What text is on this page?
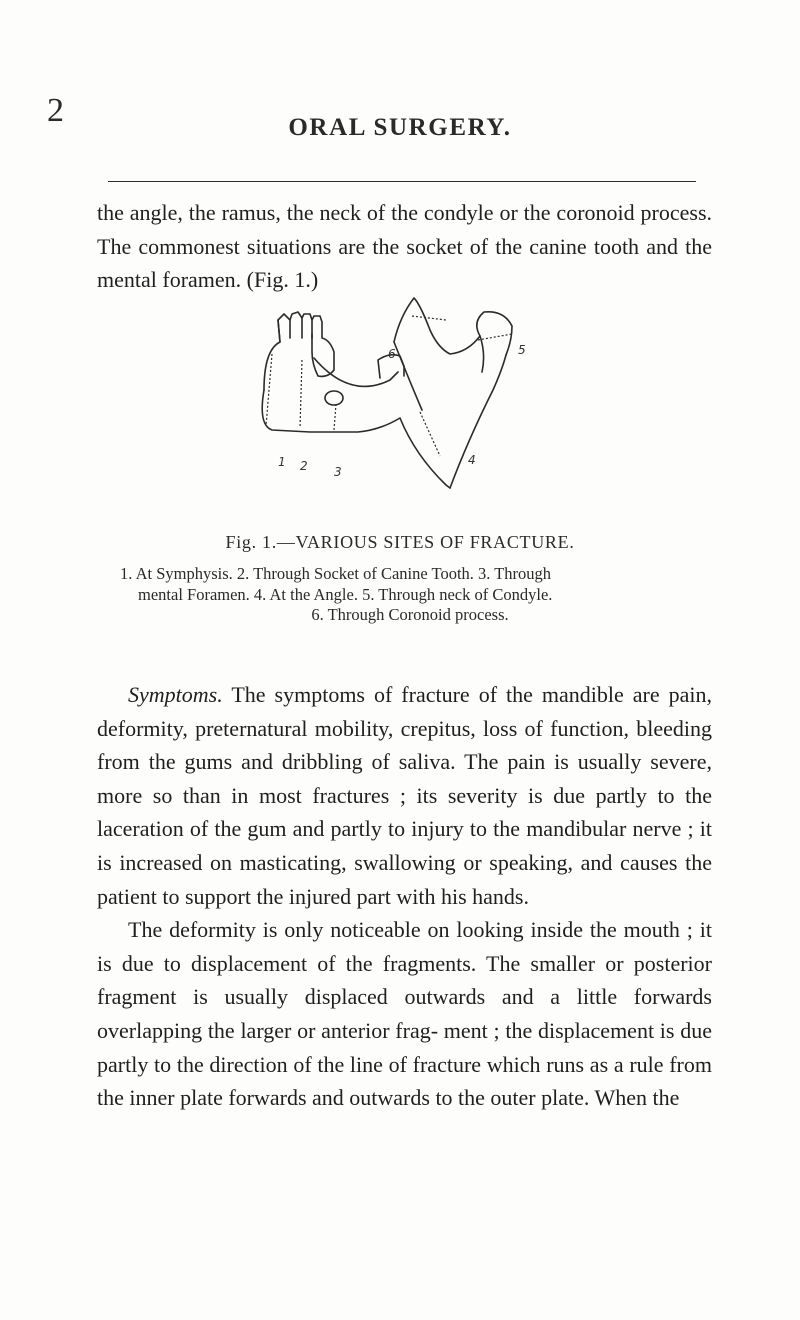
2	ORAL SURGERY.

the angle, the ramus, the neck of the condyle or the coronoid process. The commonest situations are the socket of the canine tooth and the mental foramen. (Fig. 1.)

1 2 3
4
5
6
Fig. 1.—VARIOUS SITES OF FRACTURE.
1. At Symphysis. 2. Through Socket of Canine Tooth. 3. Through
mental Foramen. 4. At the Angle. 5. Through neck of Condyle.
6. Through Coronoid process.

Symptoms. The symptoms of fracture of the mandible are pain, deformity, preternatural mobility, crepitus, loss of function, bleeding from the gums and dribbling of saliva. The pain is usually severe, more so than in most fractures ; its severity is due partly to the laceration of the gum and partly to injury to the mandibular nerve ; it is increased on masticating, swallowing or speaking, and causes the patient to support the injured part with his hands.

The deformity is only noticeable on looking inside the mouth ; it is due to displacement of the fragments. The smaller or posterior fragment is usually displaced outwards and a little forwards overlapping the larger or anterior frag- ment ; the displacement is due partly to the direction of the line of fracture which runs as a rule from the inner plate forwards and outwards to the outer plate. When the
